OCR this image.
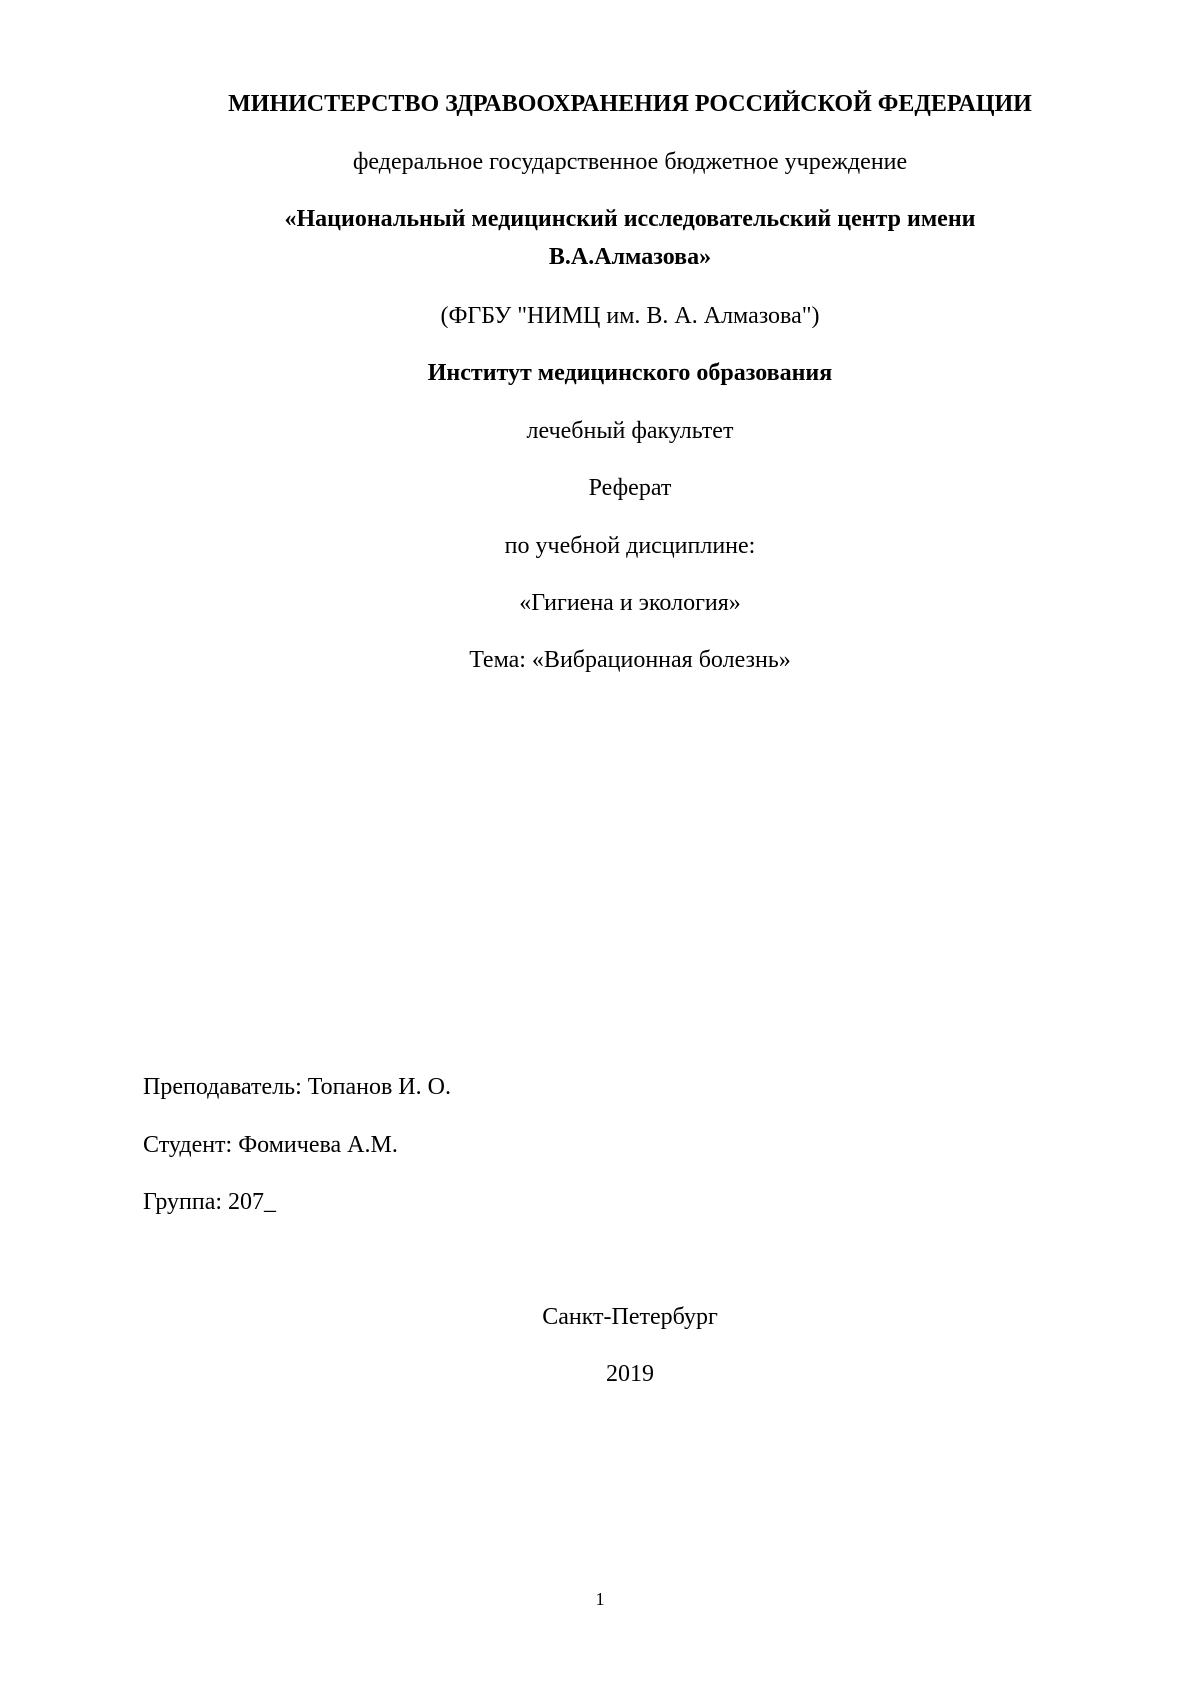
МИНИСТЕРСТВО ЗДРАВООХРАНЕНИЯ РОССИЙСКОЙ ФЕДЕРАЦИИ
федеральное государственное бюджетное учреждение
«Национальный медицинский исследовательский центр имени
В.А.Алмазова»
(ФГБУ "НИМЦ им. В. А. Алмазова")
Институт медицинского образования
лечебный факультет
Реферат
по учебной дисциплине:
«Гигиена и экология»
Тема: «Вибрационная болезнь»
Преподаватель: Топанов И. О.
Студент: Фомичева А.М.
Группа: 207_
Санкт-Петербург
2019
1
